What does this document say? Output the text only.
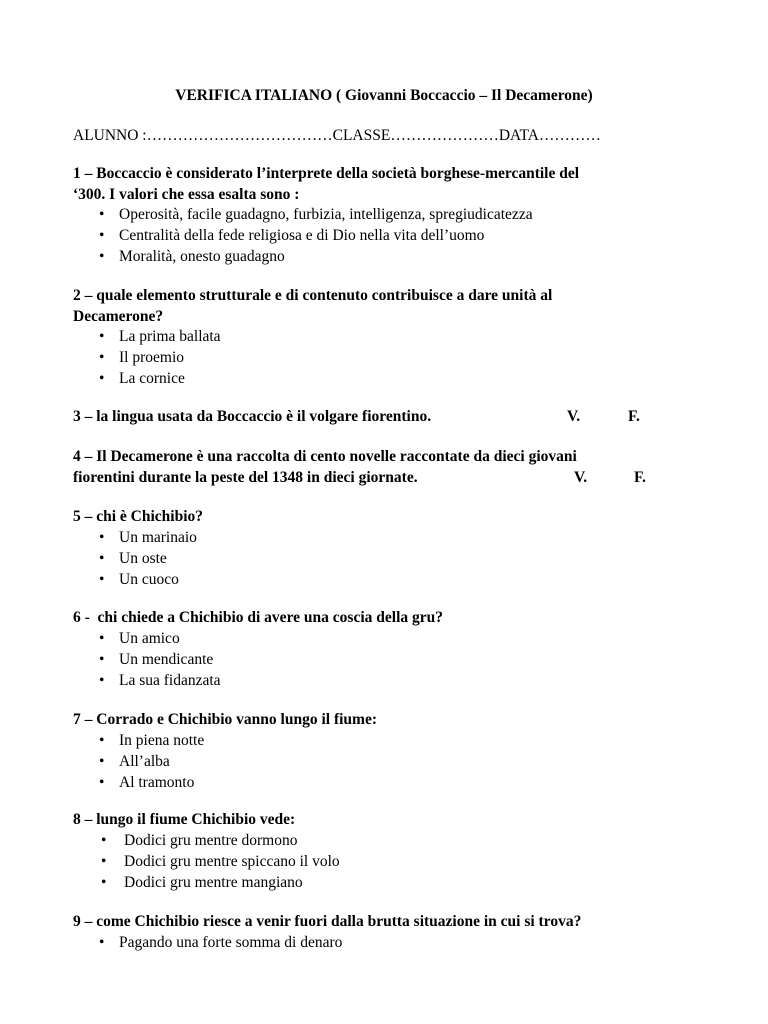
VERIFICA ITALIANO ( Giovanni Boccaccio – Il Decamerone)
ALUNNO :………………………………CLASSE…………………DATA…………

1 – Boccaccio è considerato l’interprete della società borghese-mercantile del
‘300. I valori che essa esalta sono :

• Operosità, facile guadagno, furbizia, intelligenza, spregiudicatezza
• Centralità della fede religiosa e di Dio nella vita dell’uomo
• Moralità, onesto guadagno

2 – quale elemento strutturale e di contenuto contribuisce a dare unità al
Decamerone?

• La prima ballata
• Il proemio
• La cornice

3 – la lingua usata da Boccaccio è il volgare fiorentino.	V.	F.

4 – Il Decamerone è una raccolta di cento novelle raccontate da dieci giovani
fiorentini durante la peste del 1348 in dieci giornate.	V.	F.

5 – chi è Chichibio?

• Un marinaio
• Un oste
• Un cuoco

6 -  chi chiede a Chichibio di avere una coscia della gru?

• Un amico
• Un mendicante
• La sua fidanzata

7 – Corrado e Chichibio vanno lungo il fiume:

• In piena notte
• All’alba
• Al tramonto

8 – lungo il fiume Chichibio vede:

• Dodici gru mentre dormono
• Dodici gru mentre spiccano il volo
• Dodici gru mentre mangiano

9 – come Chichibio riesce a venir fuori dalla brutta situazione in cui si trova?

• Pagando una forte somma di denaro
